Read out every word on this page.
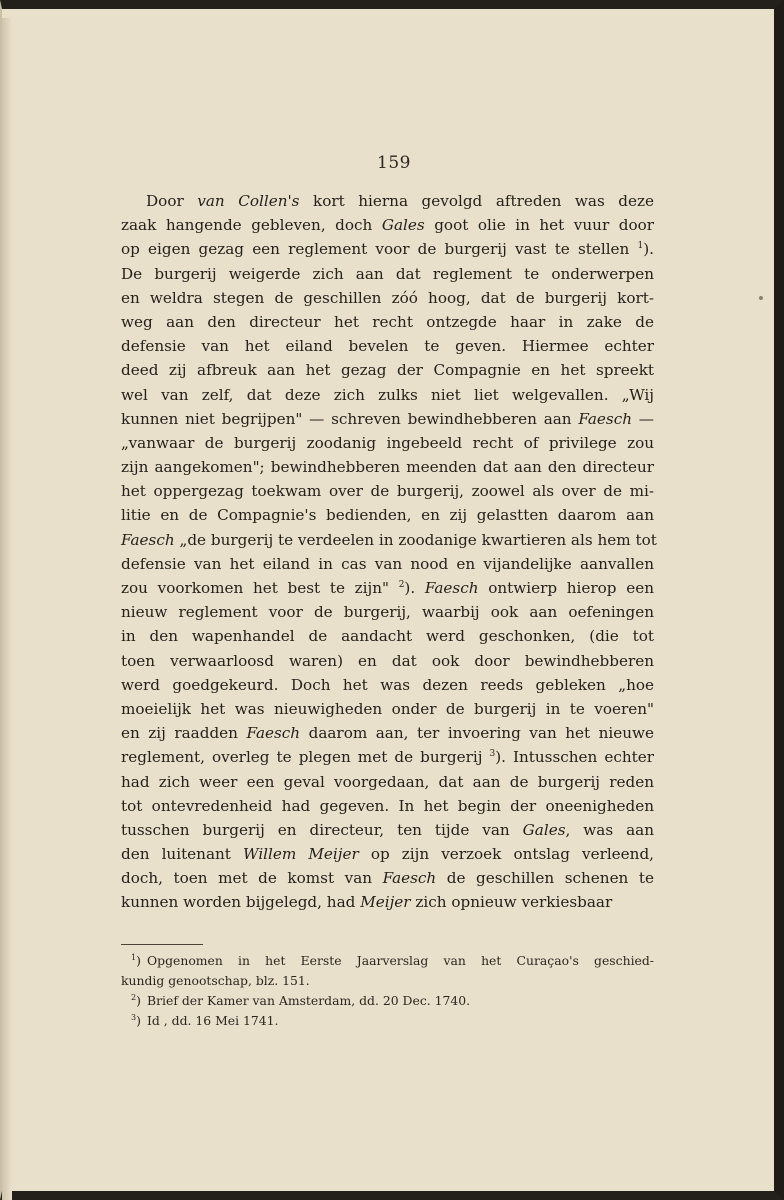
159
Door van Collen's kort hierna gevolgd aftreden was deze
zaak hangende gebleven, doch Gales goot olie in het vuur door
op eigen gezag een reglement voor de burgerij vast te stellen $^1$).
De burgerij weigerde zich aan dat reglement te onderwerpen
en weldra stegen de geschillen zóó hoog, dat de burgerij kort-
weg aan den directeur het recht ontzegde haar in zake de
defensie van het eiland bevelen te geven. Hiermee echter
deed zij afbreuk aan het gezag der Compagnie en het spreekt
wel van zelf, dat deze zich zulks niet liet welgevallen. „Wij
kunnen niet begrijpen" — schreven bewindhebberen aan Faesch —
„vanwaar de burgerij zoodanig ingebeeld recht of privilege zou
zijn aangekomen"; bewindhebberen meenden dat aan den directeur
het oppergezag toekwam over de burgerij, zoowel als over de mi-
litie en de Compagnie's bedienden, en zij gelastten daarom aan
Faesch „de burgerij te verdeelen in zoodanige kwartieren als hem tot
defensie van het eiland in cas van nood en vijandelijke aanvallen
zou voorkomen het best te zijn" $^2$). Faesch ontwierp hierop een
nieuw reglement voor de burgerij, waarbij ook aan oefeningen
in den wapenhandel de aandacht werd geschonken, (die tot
toen verwaarloosd waren) en dat ook door bewindhebberen
werd goedgekeurd. Doch het was dezen reeds gebleken „hoe
moeielijk het was nieuwigheden onder de burgerij in te voeren"
en zij raadden Faesch daarom aan, ter invoering van het nieuwe
reglement, overleg te plegen met de burgerij $^3$). Intusschen echter
had zich weer een geval voorgedaan, dat aan de burgerij reden
tot ontevredenheid had gegeven. In het begin der oneenigheden
tusschen burgerij en directeur, ten tijde van Gales, was aan
den luitenant Willem Meijer op zijn verzoek ontslag verleend,
doch, toen met de komst van Faesch de geschillen schenen te
kunnen worden bijgelegd, had Meijer zich opnieuw verkiesbaar
$^1$) Opgenomen in het Eerste Jaarverslag van het Curaçao's geschied-
kundig genootschap, blz. 151.
$^2$) Brief der Kamer van Amsterdam, dd. 20 Dec. 1740.
$^3$) Id , dd. 16 Mei 1741.
